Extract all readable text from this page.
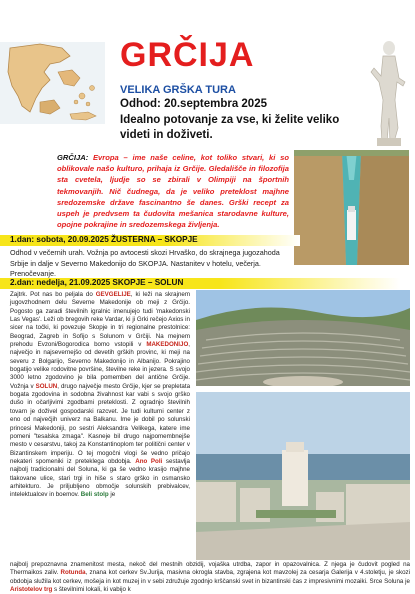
GRČIJA
VELIKA GRŠKA TURA
Odhod: 20.septembra 2025
Idealno potovanje za vse, ki želite veliko videti in doživeti.
GRČIJA: Evropa – ime naše celine, kot toliko stvari, ki so oblikovale našo kulturo, prihaja iz Grčije. Gledališče in filozofija sta cvetela, ljudje so se zbirali v Olimpiji na športnih tekmovanjih. Nič čudnega, da je veliko preteklost majhne sredozemske države fascinantno še danes. Grški recept za uspeh je predvsem ta čudovita mešanica starodavne kulture, opojne pokrajine in sredozemskega življenja.
1.dan: sobota, 20.09.2025 ŽUSTERNA – SKOPJE
Odhod v večernih urah. Vožnja po avtocesti skozi Hrvaško, do skrajnega jugozahoda Srbije in dalje v Severno Makedonijo do SKOPJA. Nastanitev v hotelu, večerja. Prenočevanje.
2.dan: nedelja, 21.09.2025 SKOPJE – SOLUN
Zajtrk. Pot nas bo peljala do GEVGELIJE, ki leži na skrajnem jugovzhodnem delu Severne Makedonije ob meji z Grčijo. Pogosto ga zaradi številnih igralnic imenujejo tudi 'makedonski Las Vegas'. Leži ob bregovih reke Vardar, ki ji Grki rečejo Axios in sicer na točki, ki povezuje Skopje in tri regionalne prestolnice: Beograd, Zagreb in Sofijo s Solunom v Grčiji. Na mejnem prehodu Evzoni/Bogorodica bomo vstopili v MAKEDONIJO, največjo in najsevernejšo od devetih grških provinc, ki meji na severu z Bolgarijo, Severno Makedonijo in Albanijo. Pokrajino bogatijo velike rodovitne površine, številne reke in jezera. S svojo 3000 letno zgodovino je bila pomemben del antične Grčije. Vožnja v SOLUN, drugo največje mesto Grčije, kjer se prepletata bogata zgodovina in sodobna živahnost kar vabi s svojo grško dušo in očarljivimi zgodbami preteklosti. Z ogradnjo številnih tovarn je doživel gospodarski razcvet. Je tudi kulturni center z eno od največjih univerz na Balkanu. Ime je dobil po solunski princesi Makedoniji, po sestri Aleksandra Velikega, katere ime pomeni "tesalska zmaga". Kasneje bil drugo najpomembnejše mesto v cesarstvu, takoj za Konstantinoplom ter politični center v Bizantinskem imperiju. O tej mogočni vlogi še vedno pričajo nekateri spomeniki iz preteklega obdobja. Ano Poli sestavlja najbolj tradicionalni del Soluna, ki ga še vedno krasijo majhne tlakovane ulice, stari trgi in hiše s staro grško in osmansko arhitekturo. Je priljubljeno območje solunskih prebivalcev, intelektualcev in boemov. Beli stolp je
najbolj prepoznavna znamenitost mesta, nekoč del mestnih obzidij, vojaška utrdba, zapor in opazovalnica. Z njega je čudovit pogled na Thermaikos zaliv. Rotunda, znana kot cerkev Sv.Jurija, masivna okrogla stavba, zgrajena kot mavzolej za cesarja Galerija v 4.stoletju, je skozi obdobja služila kot cerkev, mošeja in kot muzej in v sebi združuje zgodnjo krščanski svet in bizantinski čas z impresivnimi mozaiki. Srce Soluna je Aristotelov trg s številnimi lokali, ki vabijo k
